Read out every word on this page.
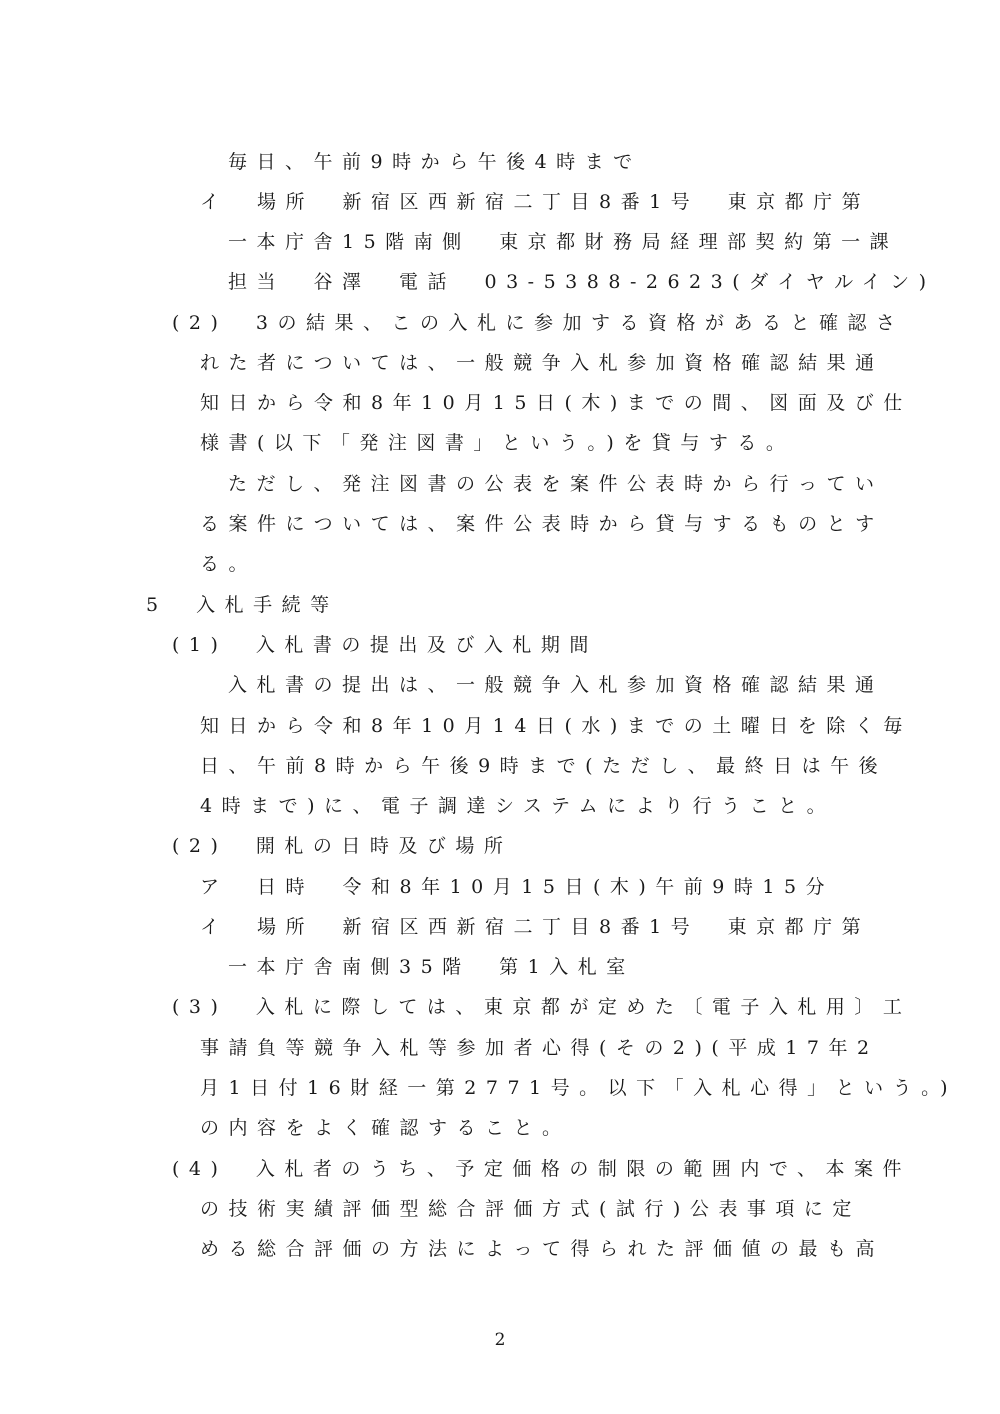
毎日、午前9時から午後4時まで
イ　場所　新宿区西新宿二丁目8番1号　東京都庁第
一本庁舎15階南側　東京都財務局経理部契約第一課
担当　谷澤　電話　03-5388-2623(ダイヤルイン)
(2)　3の結果、この入札に参加する資格があると確認さ
れた者については、一般競争入札参加資格確認結果通
知日から令和8年10月15日(木)までの間、図面及び仕
様書(以下「発注図書」という。)を貸与する。
ただし、発注図書の公表を案件公表時から行ってい
る案件については、案件公表時から貸与するものとす
る。
5　入札手続等
(1)　入札書の提出及び入札期間
入札書の提出は、一般競争入札参加資格確認結果通
知日から令和8年10月14日(水)までの土曜日を除く毎
日、午前8時から午後9時まで(ただし、最終日は午後
4時まで)に、電子調達システムにより行うこと。
(2)　開札の日時及び場所
ア　日時　令和8年10月15日(木)午前9時15分
イ　場所　新宿区西新宿二丁目8番1号　東京都庁第
一本庁舎南側35階　第1入札室
(3)　入札に際しては、東京都が定めた〔電子入札用〕工
事請負等競争入札等参加者心得(その2)(平成17年2
月1日付16財経一第2771号。以下「入札心得」という。)
の内容をよく確認すること。
(4)　入札者のうち、予定価格の制限の範囲内で、本案件
の技術実績評価型総合評価方式(試行)公表事項に定
める総合評価の方法によって得られた評価値の最も高
2
